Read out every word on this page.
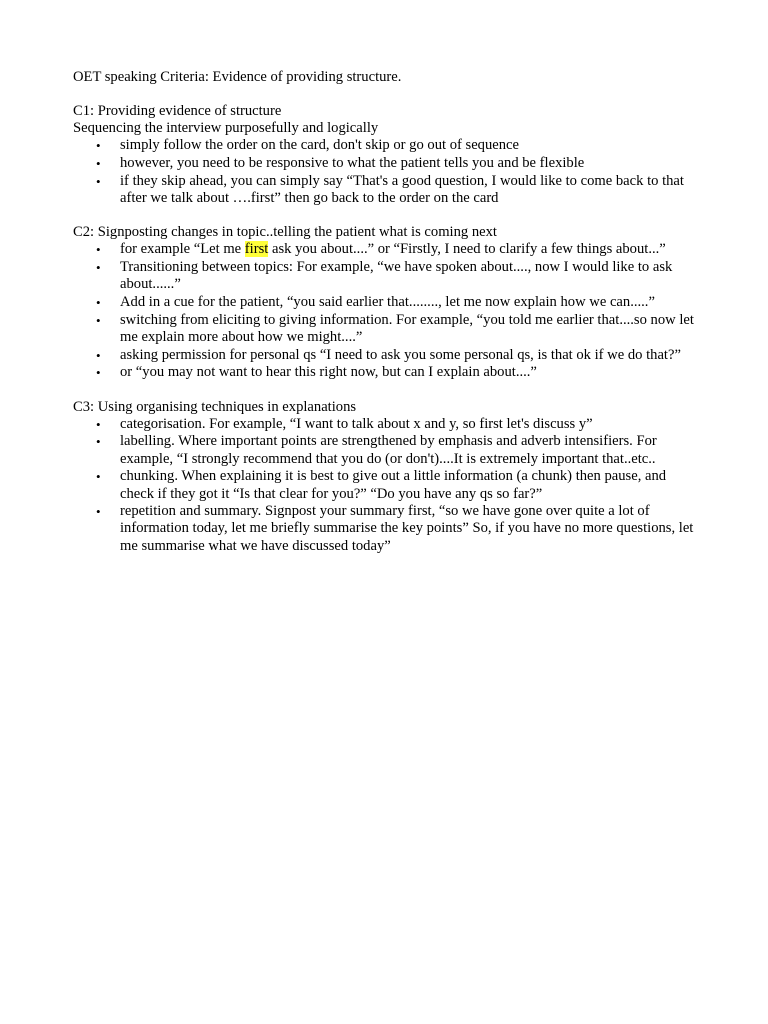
OET speaking Criteria: Evidence of providing structure.

C1: Providing evidence of structure

Sequencing the interview purposefully and logically

• simply follow the order on the card, don't skip or go out of sequence
• however, you need to be responsive to what the patient tells you and be flexible
• if they skip ahead, you can simply say “That's a good question, I would like to come back to that after we talk about ….first” then go back to the order on the card

C2: Signposting changes in topic..telling the patient what is coming next

• for example “Let me first ask you about....” or “Firstly, I need to clarify a few things about...”
• Transitioning between topics: For example, “we have spoken about...., now I would like to ask about......”
• Add in a cue for the patient, “you said earlier that........, let me now explain how we can.....”
• switching from eliciting to giving information. For example, “you told me earlier that....so now let me explain more about how we might....”
• asking permission for personal qs “I need to ask you some personal qs, is that ok if we do that?”
• or “you may not want to hear this right now, but can I explain about....”

C3: Using organising techniques in explanations

• categorisation. For example, “I want to talk about x and y, so first let's discuss y”
• labelling. Where important points are strengthened by emphasis and adverb intensifiers. For example, “I strongly recommend that you do (or don't)....It is extremely important that..etc..
• chunking. When explaining it is best to give out a little information (a chunk) then pause, and check if they got it “Is that clear for you?” “Do you have any qs so far?”
• repetition and summary. Signpost your summary first, “so we have gone over quite a lot of information today, let me briefly summarise the key points” So, if you have no more questions, let me summarise what we have discussed today”
